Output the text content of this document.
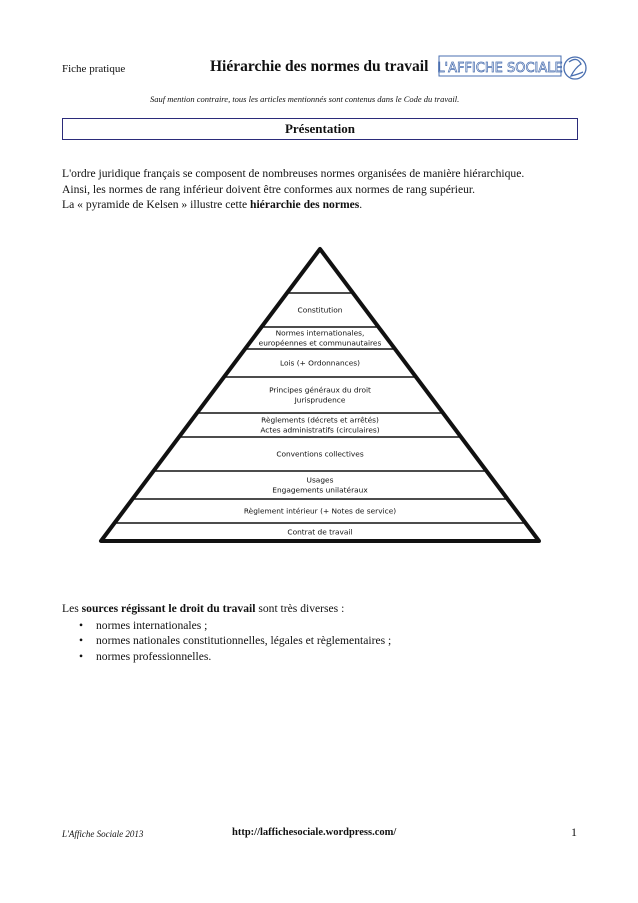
Fiche pratique	Hiérarchie des normes du travail L'AFFICHE SOCIALE
Sauf mention contraire, tous les articles mentionnés sont contenus dans le Code du travail.
Présentation
L'ordre juridique français se composent de nombreuses normes organisées de manière hiérarchique.
Ainsi, les normes de rang inférieur doivent être conformes aux normes de rang supérieur.
La « pyramide de Kelsen » illustre cette hiérarchie des normes.
Constitution
Normes internationales,
européennes et communautaires
Lois (+ Ordonnances)
Principes généraux du droit
Jurisprudence
Règlements (décrets et arrêtés)
Actes administratifs (circulaires)
Conventions collectives
Usages
Engagements unilatéraux
Règlement intérieur (+ Notes de service)
Contrat de travail
Les sources régissant le droit du travail sont très diverses :
• normes internationales ;
• normes nationales constitutionnelles, légales et règlementaires ;
• normes professionnelles.
L'Affiche Sociale 2013	http://laffichesociale.wordpress.com/	1
